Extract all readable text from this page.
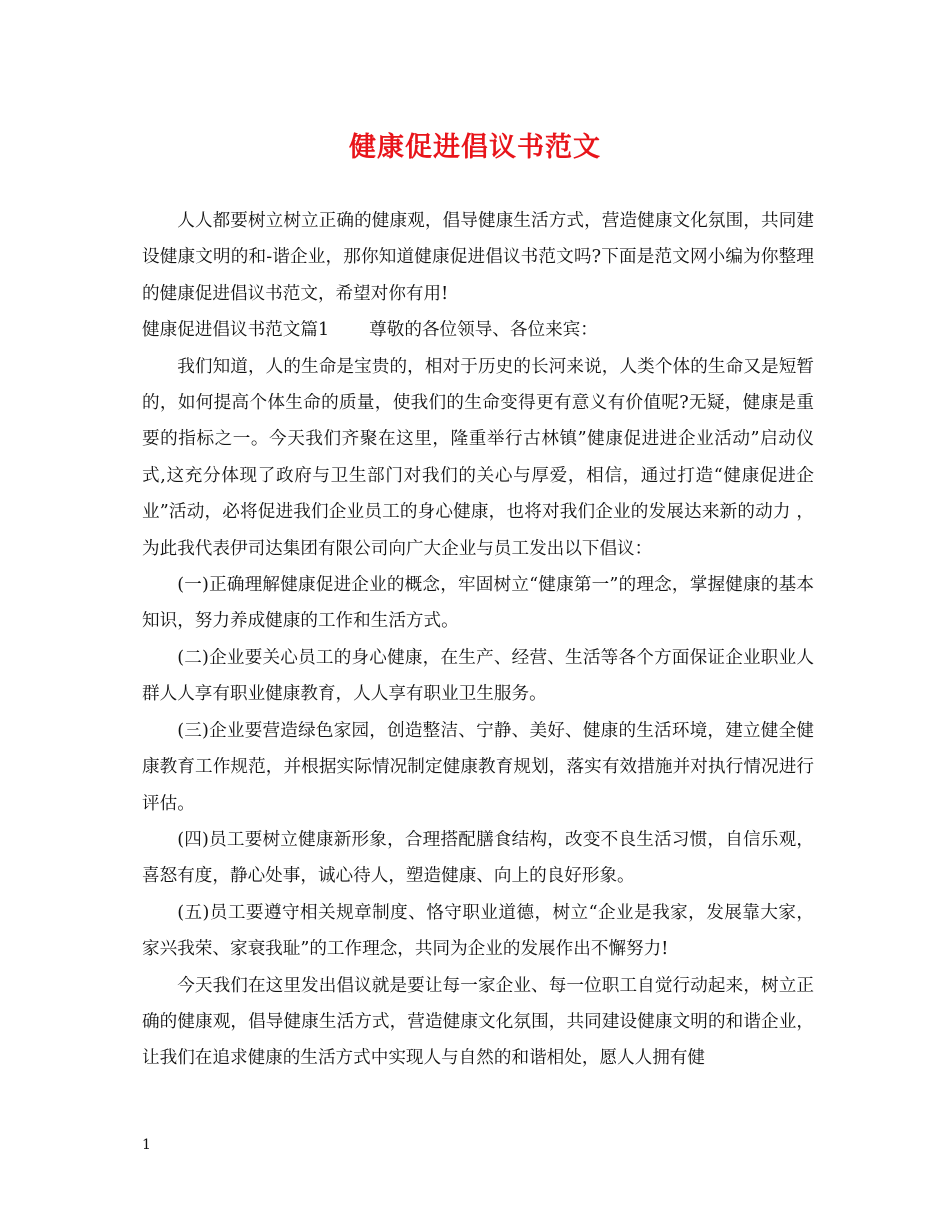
健康促进倡议书范文

人人都要树立树立正确的健康观，倡导健康生活方式，营造健康文化氛围，共同建设健康文明的和-谐企业，那你知道健康促进倡议书范文吗?下面是范文网小编为你整理的健康促进倡议书范文，希望对你有用!

健康促进倡议书范文篇1 尊敬的各位领导、各位来宾：

我们知道，人的生命是宝贵的，相对于历史的长河来说，人类个体的生命又是短暂的，如何提高个体生命的质量，使我们的生命变得更有意义有价值呢?无疑，健康是重要的指标之一。今天我们齐聚在这里，隆重举行古林镇”健康促进进企业活动”启动仪式,这充分体现了政府与卫生部门对我们的关心与厚爱，相信，通过打造“健康促进企业”活动，必将促进我们企业员工的身心健康，也将对我们企业的发展达来新的动力 ，为此我代表伊司达集团有限公司向广大企业与员工发出以下倡议：

(一)正确理解健康促进企业的概念，牢固树立“健康第一”的理念，掌握健康的基本知识，努力养成健康的工作和生活方式。

(二)企业要关心员工的身心健康，在生产、经营、生活等各个方面保证企业职业人群人人享有职业健康教育，人人享有职业卫生服务。

(三)企业要营造绿色家园，创造整洁、宁静、美好、健康的生活环境，建立健全健康教育工作规范，并根据实际情况制定健康教育规划，落实有效措施并对执行情况进行评估。

(四)员工要树立健康新形象，合理搭配膳食结构，改变不良生活习惯，自信乐观，喜怒有度，静心处事，诚心待人，塑造健康、向上的良好形象。

(五)员工要遵守相关规章制度、恪守职业道德，树立“企业是我家，发展靠大家，家兴我荣、家衰我耻”的工作理念，共同为企业的发展作出不懈努力!

今天我们在这里发出倡议就是要让每一家企业、每一位职工自觉行动起来，树立正确的健康观，倡导健康生活方式，营造健康文化氛围，共同建设健康文明的和谐企业，让我们在追求健康的生活方式中实现人与自然的和谐相处，愿人人拥有健

1
